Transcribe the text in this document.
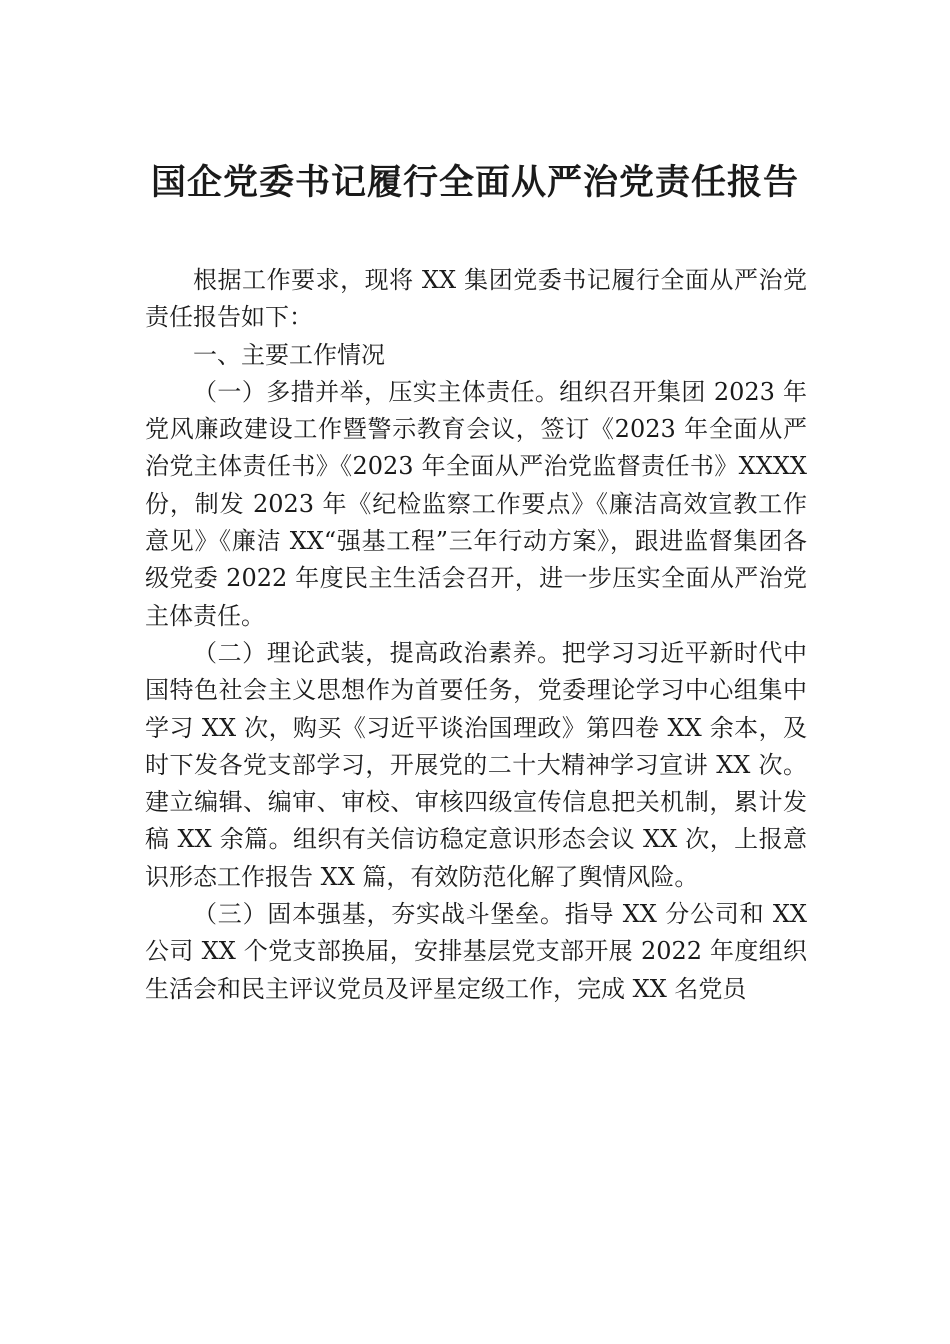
国企党委书记履行全面从严治党责任报告

根据工作要求，现将 XX 集团党委书记履行全面从严治党责任报告如下：

一、主要工作情况

（一）多措并举，压实主体责任。组织召开集团 2023 年党风廉政建设工作暨警示教育会议，签订《2023 年全面从严治党主体责任书》《2023 年全面从严治党监督责任书》XXXX 份，制发 2023 年《纪检监察工作要点》《廉洁高效宣教工作意见》《廉洁 XX“强基工程”三年行动方案》，跟进监督集团各级党委 2022 年度民主生活会召开，进一步压实全面从严治党主体责任。

（二）理论武装，提高政治素养。把学习习近平新时代中国特色社会主义思想作为首要任务，党委理论学习中心组集中学习 XX 次，购买《习近平谈治国理政》第四卷 XX 余本，及时下发各党支部学习，开展党的二十大精神学习宣讲 XX 次。建立编辑、编审、审校、审核四级宣传信息把关机制，累计发稿 XX 余篇。组织有关信访稳定意识形态会议 XX 次，上报意识形态工作报告 XX 篇，有效防范化解了舆情风险。

（三）固本强基，夯实战斗堡垒。指导 XX 分公司和 XX 公司 XX 个党支部换届，安排基层党支部开展 2022 年度组织生活会和民主评议党员及评星定级工作，完成 XX 名党员
